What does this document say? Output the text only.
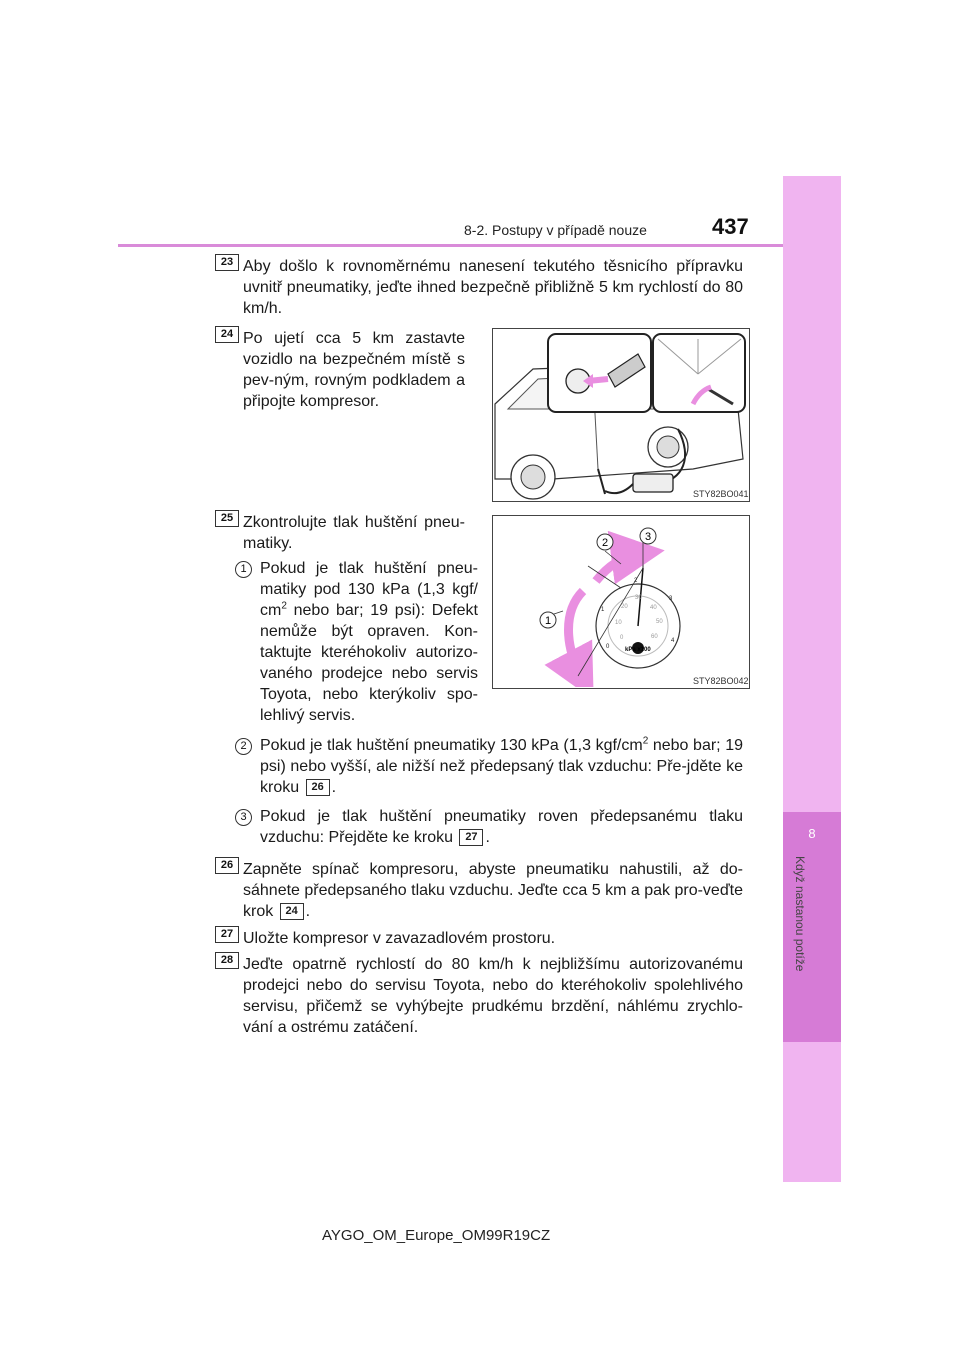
8-2. Postupy v případě nouze	437
8
Když nastanou potíže
23 Aby došlo k rovnoměrnému nanesení tekutého těsnicího přípravku uvnitř pneumatiky, jeďte ihned bezpečně přibližně 5 km rychlostí do 80 km/h.
24 Po ujetí cca 5 km zastavte vozidlo na bezpečném místě s pev-ným, rovným podkladem a připojte kompresor.
STY82BO041
25 Zkontrolujte tlak huštění pneu-matiky.
1 Pokud je tlak huštění pneu-matiky pod 130 kPa (1,3 kgf/ $cm^2$ nebo bar; 19 psi): Defekt nemůže být opraven. Kon-taktujte kteréhokoliv autorizo-vaného prodejce nebo servis Toyota, nebo kterýkoliv spo-lehlivý servis.
2	3
1
0
1
2
3
4
0
10
20
30
40
50
60
kPa x100
STY82BO042
2 Pokud je tlak huštění pneumatiky 130 kPa (1,3 kgf/$cm^2$ nebo bar; 19 psi) nebo vyšší, ale nižší než předepsaný tlak vzduchu: Pře-jděte ke kroku 26 .
3 Pokud je tlak huštění pneumatiky roven předepsanému tlaku vzduchu: Přejděte ke kroku 27 .
26 Zapněte spínač kompresoru, abyste pneumatiku nahustili, až do-sáhnete předepsaného tlaku vzduchu. Jeďte cca 5 km a pak pro-veďte krok 24 .
27 Uložte kompresor v zavazadlovém prostoru.
28 Jeďte opatrně rychlostí do 80 km/h k nejbližšímu autorizovanému prodejci nebo do servisu Toyota, nebo do kteréhokoliv spolehlivého servisu, přičemž se vyhýbejte prudkému brzdění, náhlému zrychlo-vání a ostrému zatáčení.
AYGO_OM_Europe_OM99R19CZ
